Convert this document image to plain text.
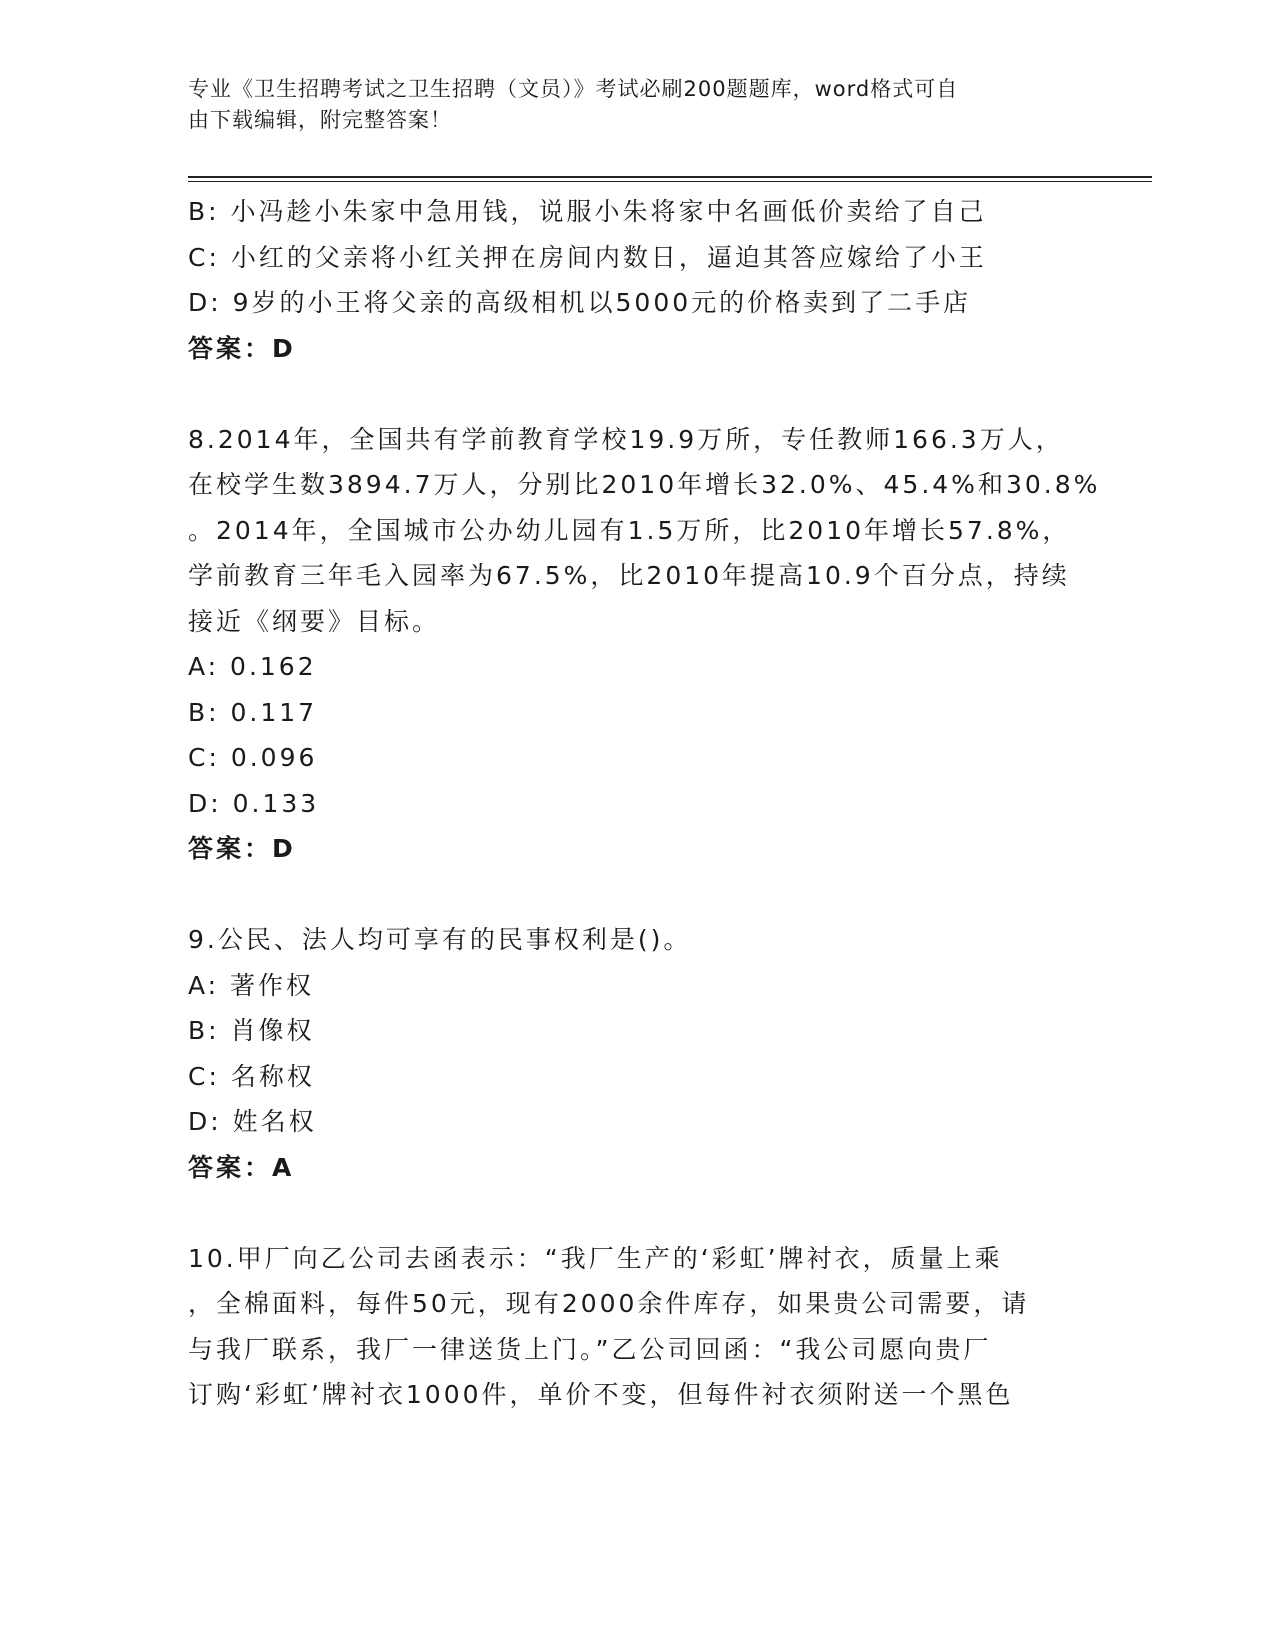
专业《卫生招聘考试之卫生招聘（文员）》考试必刷200题题库，word格式可自
由下载编辑，附完整答案！
B: 小冯趁小朱家中急用钱，说服小朱将家中名画低价卖给了自己
C: 小红的父亲将小红关押在房间内数日，逼迫其答应嫁给了小王
D: 9岁的小王将父亲的高级相机以5000元的价格卖到了二手店
答案：D
8.2014年，全国共有学前教育学校19.9万所，专任教师166.3万人，
在校学生数3894.7万人，分别比2010年增长32.0%、45.4%和30.8%
。2014年，全国城市公办幼儿园有1.5万所，比2010年增长57.8%，
学前教育三年毛入园率为67.5%，比2010年提高10.9个百分点，持续
接近《纲要》目标。
A: 0.162
B: 0.117
C: 0.096
D: 0.133
答案：D
9.公民、法人均可享有的民事权利是()。
A: 著作权
B: 肖像权
C: 名称权
D: 姓名权
答案：A
10.甲厂向乙公司去函表示：“我厂生产的‘彩虹’牌衬衣，质量上乘
，全棉面料，每件50元，现有2000余件库存，如果贵公司需要，请
与我厂联系，我厂一律送货上门。”乙公司回函：“我公司愿向贵厂
订购‘彩虹’牌衬衣1000件，单价不变，但每件衬衣须附送一个黑色
